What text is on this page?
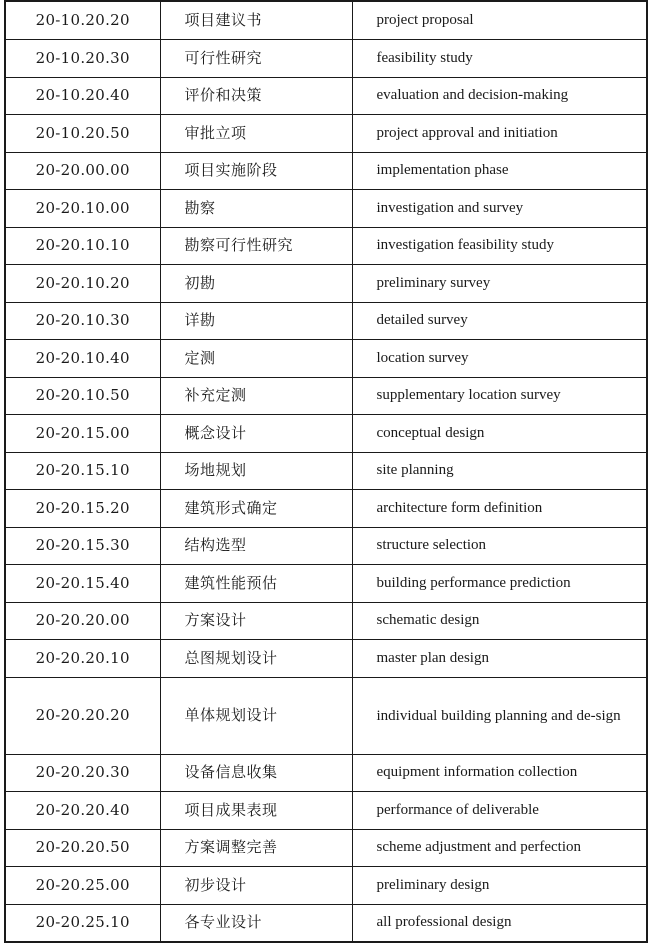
20-10.20.20	项目建议书	project proposal
20-10.20.30	可行性研究	feasibility study
20-10.20.40	评价和决策	evaluation and decision-making
20-10.20.50	审批立项	project approval and initiation
20-20.00.00	项目实施阶段	implementation phase
20-20.10.00	勘察	investigation and survey
20-20.10.10	勘察可行性研究	investigation feasibility study
20-20.10.20	初勘	preliminary survey
20-20.10.30	详勘	detailed survey
20-20.10.40	定测	location survey
20-20.10.50	补充定测	supplementary location survey
20-20.15.00	概念设计	conceptual design
20-20.15.10	场地规划	site planning
20-20.15.20	建筑形式确定	architecture form definition
20-20.15.30	结构选型	structure selection
20-20.15.40	建筑性能预估	building performance prediction
20-20.20.00	方案设计	schematic design
20-20.20.10	总图规划设计	master plan design
20-20.20.20	单体规划设计	individual building planning and de-sign
20-20.20.30	设备信息收集	equipment information collection
20-20.20.40	项目成果表现	performance of deliverable
20-20.20.50	方案调整完善	scheme adjustment and perfection
20-20.25.00	初步设计	preliminary design
20-20.25.10	各专业设计	all professional design
